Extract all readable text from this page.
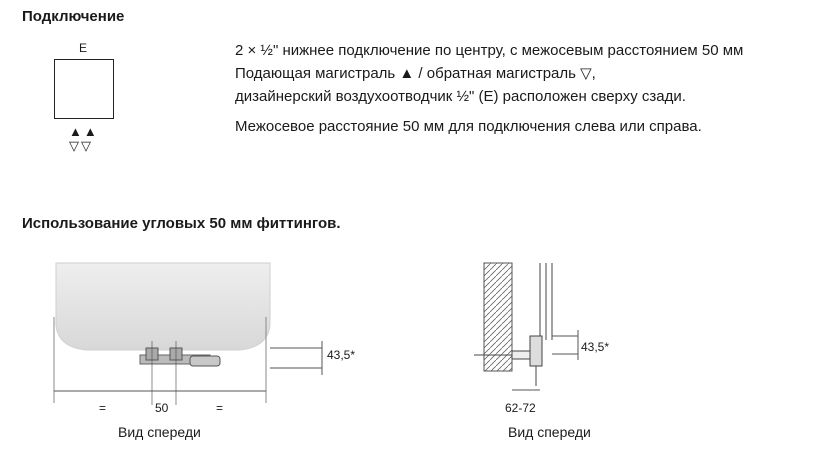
Подключение
E
▲▲
▽▽
2 × ½" нижнее подключение по центру, с межосевым расстоянием 50 мм
Подающая магистраль ▲ / обратная магистраль ▽,
дизайнерский воздухоотводчик ½" (E) расположен сверху сзади.
Межосевое расстояние 50 мм для подключения слева или справа.
Использование угловых 50 мм фиттингов.
43,5*
=	50	=
Вид спереди
43,5*
62-72
Вид спереди
